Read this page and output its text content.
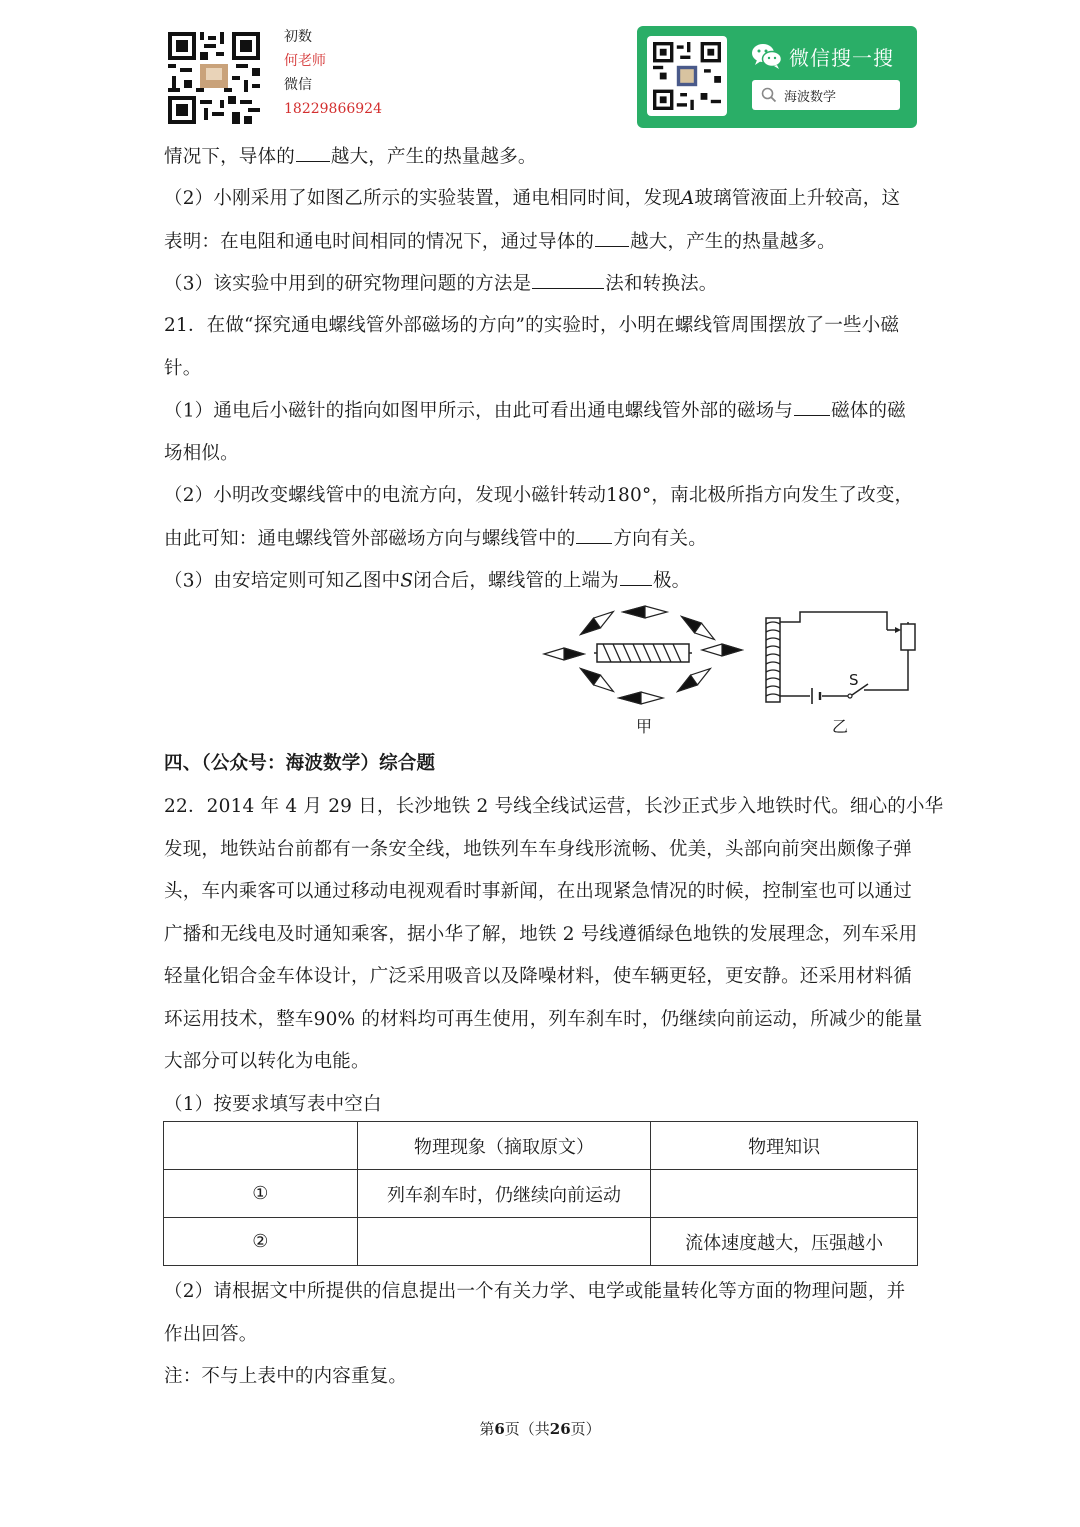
初数
何老师
微信
18229866924
微信搜一搜
海波数学
情况下，导体的 越大，产生的热量越多。
（2）小刚采用了如图乙所示的实验装置，通电相同时间，发现A玻璃管液面上升较高，这
表明：在电阻和通电时间相同的情况下，通过导体的 越大，产生的热量越多。
（3）该实验中用到的研究物理问题的方法是	法和转换法。
21．在做“探究通电螺线管外部磁场的方向”的实验时，小明在螺线管周围摆放了一些小磁
针。
（1）通电后小磁针的指向如图甲所示，由此可看出通电螺线管外部的磁场与 磁体的磁
场相似。
（2）小明改变螺线管中的电流方向，发现小磁针转动180°，南北极所指方向发生了改变，
由此可知：通电螺线管外部磁场方向与螺线管中的 方向有关。
（3）由安培定则可知乙图中S闭合后，螺线管的上端为 极。
甲
S
乙
四、（公众号：海波数学）综合题
22．2014 年 4 月 29 日，长沙地铁 2 号线全线试运营，长沙正式步入地铁时代。细心的小华
发现，地铁站台前都有一条安全线，地铁列车车身线形流畅、优美，头部向前突出颇像子弹
头，车内乘客可以通过移动电视观看时事新闻，在出现紧急情况的时候，控制室也可以通过
广播和无线电及时通知乘客，据小华了解，地铁 2 号线遵循绿色地铁的发展理念，列车采用
轻量化铝合金车体设计，广泛采用吸音以及降噪材料，使车辆更轻，更安静。还采用材料循
环运用技术，整车90% 的材料均可再生使用，列车刹车时，仍继续向前运动，所减少的能量
大部分可以转化为电能。
（1）按要求填写表中空白
	物理现象（摘取原文）	物理知识
①	列车刹车时，仍继续向前运动	
②		流体速度越大，压强越小
（2）请根据文中所提供的信息提出一个有关力学、电学或能量转化等方面的物理问题，并
作出回答。
注：不与上表中的内容重复。
第6页（共26页）
